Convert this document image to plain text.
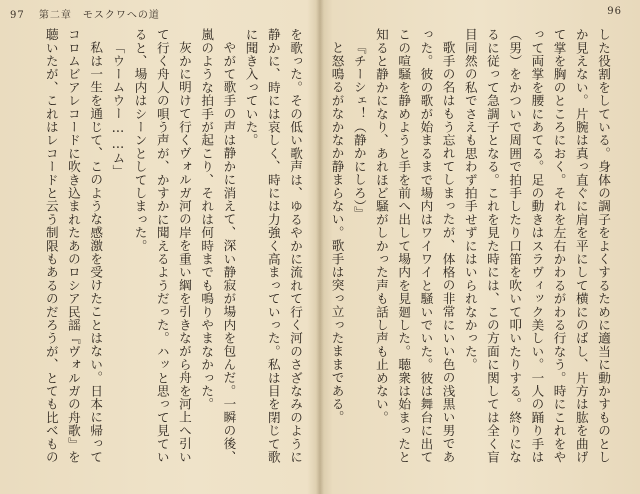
97 第二章　モスクワへの道	96

を歌った。その低い歌声は、ゆるやかに流れて行く河のさざなみのように静かに、時には哀しく、時には力強く高まっていった。私は目を閉じて歌に聞き入っていた。

やがて歌手の声は静かに消えて、深い静寂が場内を包んだ。一瞬の後、嵐のような拍手が起こり、それは何時までも鳴りやまなかった。

灰かに明けて行くヴォルガ河の岸を重い綱を引きながら舟を河上へ引いて行く舟人の唄う声が、かすかに聞えるようだった。ハッと思って見ていると、場内はシーンとしてしまった。

「ウームウー……ム」

私は一生を通じて、このような感激を受けたことはない。日本に帰ってコロムビアレコードに吹き込まれたあのロシア民謡『ヴォルガの舟歌』を聴いたが、これはレコードと云う制限もあるのだろうが、とても比べもの	した役割をしている。身体の調子をよくするために適当に動かすものとしか見えない。片腕は真っ直ぐに肩を平にして横にのばし、片方は肱を曲げて掌を胸のところにおく。それを左右かわるがわる行なう。時にこれをやって両掌を腰にあてる。足の動きはスラヴィック美しい。一人の踊り手は（男）をかついで周囲で拍手したり口笛を吹いて叩いたりする。終りになるに従って急調子となる。これを見た時には、この方面に関しては全く盲目同然の私でさえも思わず拍手せずにはいられなかった。

歌手の名はもう忘れてしまったが、体格の非常にいい色の浅黒い男であった。彼の歌が始まるまで場内はワイワイと騒いでいた。彼は舞台に出てこの喧騒を静めようと手を前へ出して場内を見廻した。聴衆は始まったと知ると静かになり、あれほど騒がしかった声も話し声も止めない。

『チーシェ！（静かにしろ）』

と怒鳴るがなかなか静まらない。歌手は突っ立ったままである。
